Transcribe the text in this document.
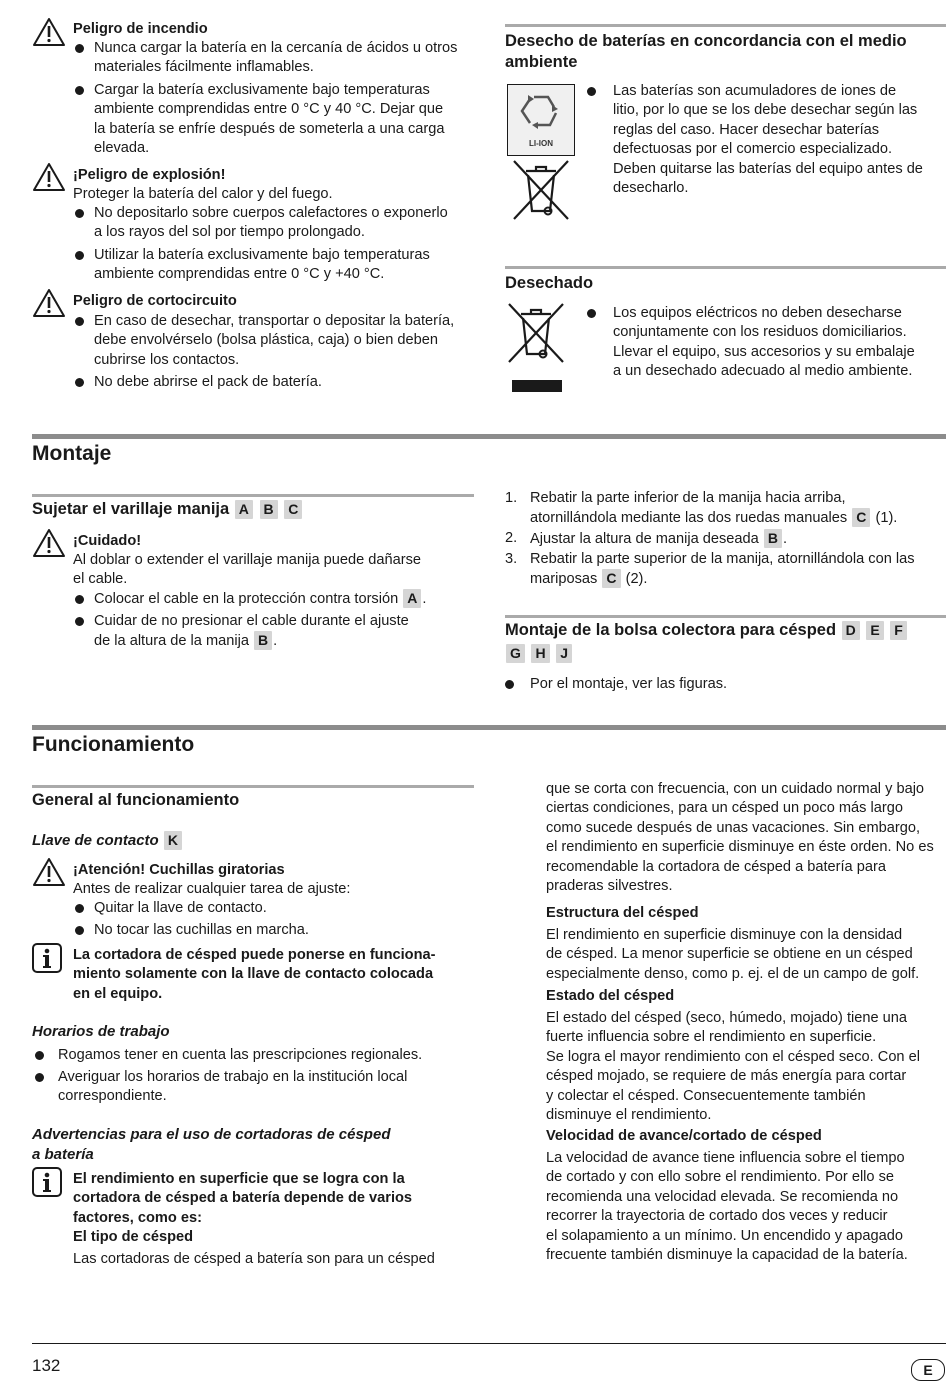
Peligro de incendio
Nunca cargar la batería en la cercanía de ácidos u otros
materiales fácilmente inflamables.
Cargar la batería exclusivamente bajo temperaturas
ambiente comprendidas entre 0 °C y 40 °C. Dejar que
la batería se enfríe después de someterla a una carga
elevada.
¡Peligro de explosión!
Proteger la batería del calor y del fuego.
No depositarlo sobre cuerpos calefactores o exponerlo
a los rayos del sol por tiempo prolongado.
Utilizar la batería exclusivamente bajo temperaturas
ambiente comprendidas entre 0 °C y +40 °C.
Peligro de cortocircuito
En caso de desechar, transportar o depositar la batería,
debe envolvérselo (bolsa plástica, caja) o bien deben
cubrirse los contactos.
No debe abrirse el pack de batería.
Desecho de baterías en concordancia con el medio
ambiente
LI-ION
Las baterías son acumuladores de iones de
litio, por lo que se los debe desechar según las
reglas del caso. Hacer desechar baterías
defectuosas por el comercio especializado.
Deben quitarse las baterías del equipo antes de
desecharlo.
Desechado
Los equipos eléctricos no deben desecharse
conjuntamente con los residuos domiciliarios.
Llevar el equipo, sus accesorios y su embalaje
a un desechado adecuado al medio ambiente.
Montaje
Sujetar el varillaje manija A B C
¡Cuidado!
Al doblar o extender el varillaje manija puede dañarse
el cable.
Colocar el cable en la protección contra torsión A .
Cuidar de no presionar el cable durante el ajuste
de la altura de la manija B .
1. Rebatir la parte inferior de la manija hacia arriba,
atornillándola mediante las dos ruedas manuales C (1).
2. Ajustar la altura de manija deseada B .
3. Rebatir la parte superior de la manija, atornillándola con las
mariposas C (2).
Montaje de la bolsa colectora para césped D E F
G H J
Por el montaje, ver las figuras.
Funcionamiento
General al funcionamiento
Llave de contacto K
¡Atención! Cuchillas giratorias
Antes de realizar cualquier tarea de ajuste:
Quitar la llave de contacto.
No tocar las cuchillas en marcha.
La cortadora de césped puede ponerse en funciona-
miento solamente con la llave de contacto colocada
en el equipo.
Horarios de trabajo
Rogamos tener en cuenta las prescripciones regionales.
Averiguar los horarios de trabajo en la institución local
correspondiente.
Advertencias para el uso de cortadoras de césped
a batería
El rendimiento en superficie que se logra con la
cortadora de césped a batería depende de varios
factores, como es:
El tipo de césped
Las cortadoras de césped a batería son para un césped
que se corta con frecuencia, con un cuidado normal y bajo
ciertas condiciones, para un césped un poco más largo
como sucede después de unas vacaciones. Sin embargo,
el rendimiento en superficie disminuye en éste orden. No es
recomendable la cortadora de césped a batería para
praderas silvestres.
Estructura del césped
El rendimiento en superficie disminuye con la densidad
de césped. La menor superficie se obtiene en un césped
especialmente denso, como p. ej. el de un campo de golf.
Estado del césped
El estado del césped (seco, húmedo, mojado) tiene una
fuerte influencia sobre el rendimiento en superficie.
Se logra el mayor rendimiento con el césped seco. Con el
césped mojado, se requiere de más energía para cortar
y colectar el césped. Consecuentemente también
disminuye el rendimiento.
Velocidad de avance/cortado de césped
La velocidad de avance tiene influencia sobre el tiempo
de cortado y con ello sobre el rendimiento. Por ello se
recomienda una velocidad elevada. Se recomienda no
recorrer la trayectoria de cortado dos veces y reducir
el solapamiento a un mínimo. Un encendido y apagado
frecuente también disminuye la capacidad de la batería.
132	E
